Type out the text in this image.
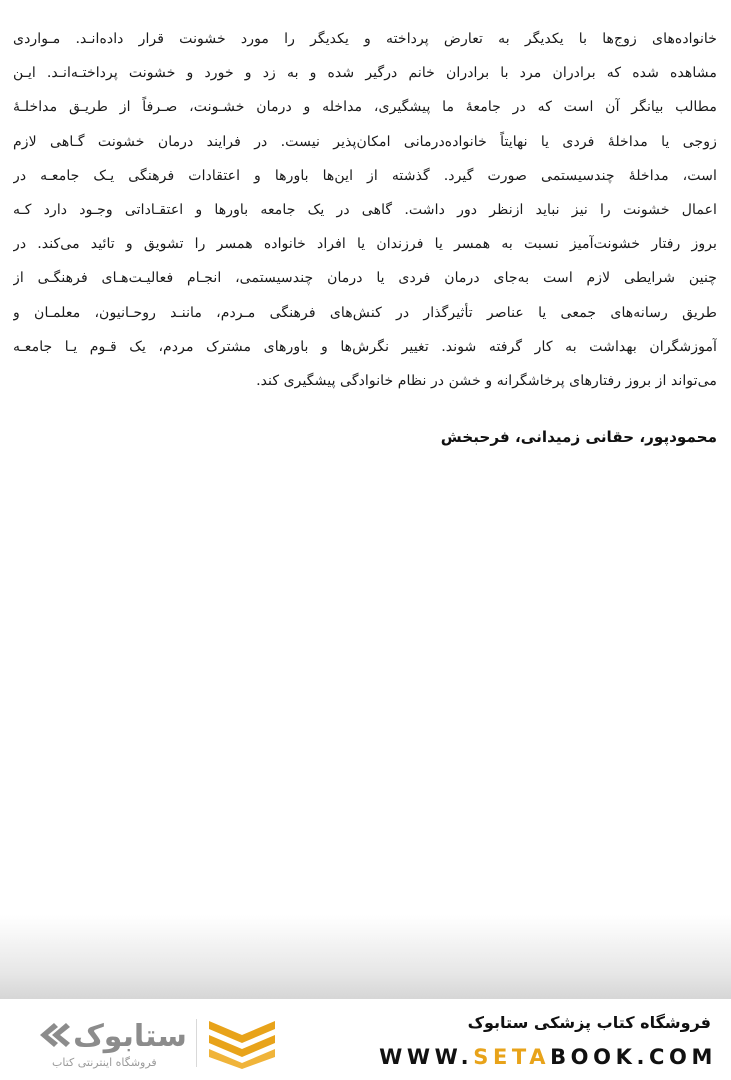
خانواده‌های زوج‌ها با یکدیگر به تعارض پرداخته و یکدیگر را مورد خشونت قرار داده‌انـد. مـواردی
مشاهده شده که برادران مرد با برادران خانم درگیر شده و به زد و خورد و خشونت پرداختـه‌انـد. ایـن
مطالب بیانگر آن است که در جامعهٔ ما پیشگیری، مداخله و درمان خشـونت، صـرفاً از طریـق مداخلـهٔ
زوجی یا مداخلهٔ فردی یا نهایتاً خانواده‌درمانی امکان‌پذیر نیست. در فرایند درمان خشونت گـاهی لازم
است، مداخلهٔ چندسیستمی صورت گیرد. گذشته از این‌ها باورها و اعتقادات فرهنگی یـک جامعـه در
اعمال خشونت را نیز نباید ازنظر دور داشت. گاهی در یک جامعه باورها و اعتقـاداتی وجـود دارد کـه
بروز رفتار خشونت‌آمیز نسبت به همسر یا فرزندان یا افراد خانواده همسر را تشویق و تائید می‌کند. در
چنین شرایطی لازم است به‌جای درمان فردی یا درمان چندسیستمی، انجـام فعالیـت‌هـای فرهنگـی از
طریق رسانه‌های جمعی یا عناصر تأثیرگذار در کنش‌های فرهنگی مـردم، ماننـد روحـانیون، معلمـان و
آموزشگران بهداشت به کار گرفته شوند. تغییر نگرش‌ها و باورهای مشترک مردم، یک قـوم یـا جامعـه
می‌تواند از بروز رفتارهای پرخاشگرانه و خشن در نظام خانوادگی پیشگیری کند.
محمودپور، حقانی زمیدانی، فرحبخش
فروشگاه کتاب پزشکی ستابوک
WWW.SETABOOK.COM
ستابوک
فروشگاه اینترنتی کتاب
